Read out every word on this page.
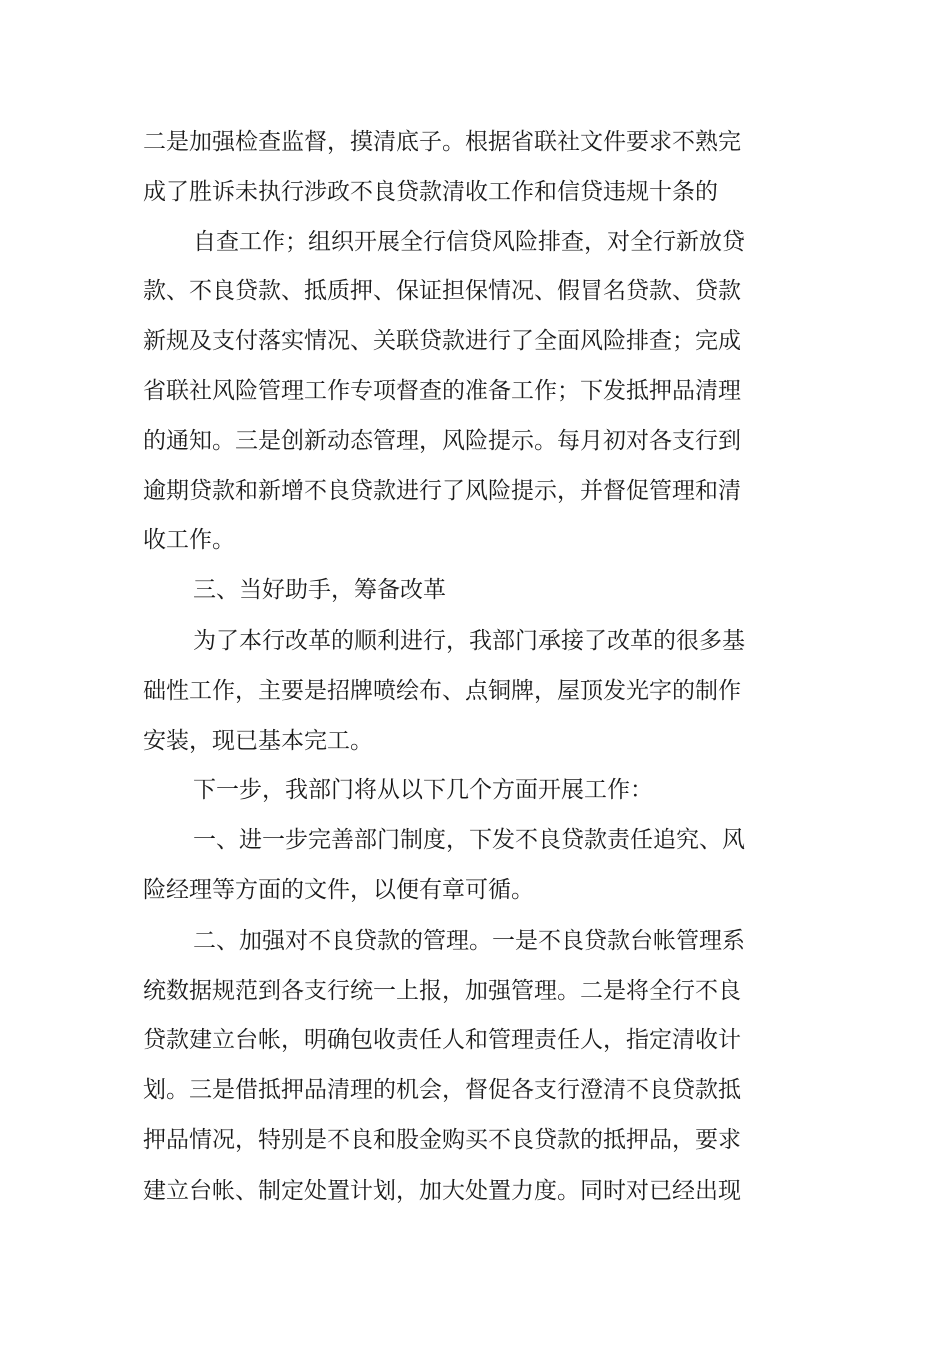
二是加强检查监督，摸清底子。根据省联社文件要求不熟完

成了胜诉未执行涉政不良贷款清收工作和信贷违规十条的

自查工作；组织开展全行信贷风险排查，对全行新放贷

款、不良贷款、抵质押、保证担保情况、假冒名贷款、贷款

新规及支付落实情况、关联贷款进行了全面风险排查；完成

省联社风险管理工作专项督查的准备工作；下发抵押品清理

的通知。三是创新动态管理，风险提示。每月初对各支行到

逾期贷款和新增不良贷款进行了风险提示，并督促管理和清

收工作。

三、当好助手，筹备改革

为了本行改革的顺利进行，我部门承接了改革的很多基

础性工作，主要是招牌喷绘布、点铜牌，屋顶发光字的制作

安装，现已基本完工。

下一步，我部门将从以下几个方面开展工作：

一、进一步完善部门制度，下发不良贷款责任追究、风

险经理等方面的文件，以便有章可循。

二、加强对不良贷款的管理。一是不良贷款台帐管理系

统数据规范到各支行统一上报，加强管理。二是将全行不良

贷款建立台帐，明确包收责任人和管理责任人，指定清收计

划。三是借抵押品清理的机会，督促各支行澄清不良贷款抵

押品情况，特别是不良和股金购买不良贷款的抵押品，要求

建立台帐、制定处置计划，加大处置力度。同时对已经出现
